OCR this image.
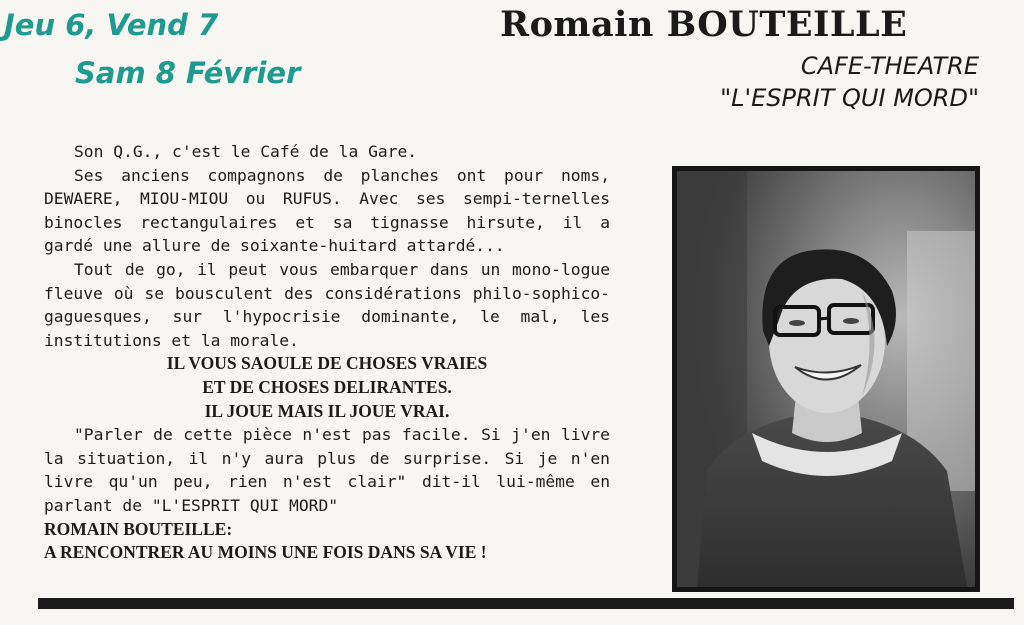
Jeu 6, Vend 7
Sam 8 Février
Romain BOUTEILLE
CAFE-THEATRE
"L'ESPRIT QUI MORD"

Son Q.G., c'est le Café de la Gare.

Ses anciens compagnons de planches ont pour noms, DEWAERE, MIOU-MIOU ou RUFUS. Avec ses sempi-ternelles binocles rectangulaires et sa tignasse hirsute, il a gardé une allure de soixante-huitard attardé...

Tout de go, il peut vous embarquer dans un mono-logue fleuve où se bousculent des considérations philo-sophico-gaguesques, sur l'hypocrisie dominante, le mal, les institutions et la morale.

IL VOUS SAOULE DE CHOSES VRAIES

ET DE CHOSES DELIRANTES.

IL JOUE MAIS IL JOUE VRAI.

"Parler de cette pièce n'est pas facile. Si j'en livre la situation, il n'y aura plus de surprise. Si je n'en livre qu'un peu, rien n'est clair" dit-il lui-même en parlant de "L'ESPRIT QUI MORD"

ROMAIN BOUTEILLE:

A RENCONTRER AU MOINS UNE FOIS DANS SA VIE !
